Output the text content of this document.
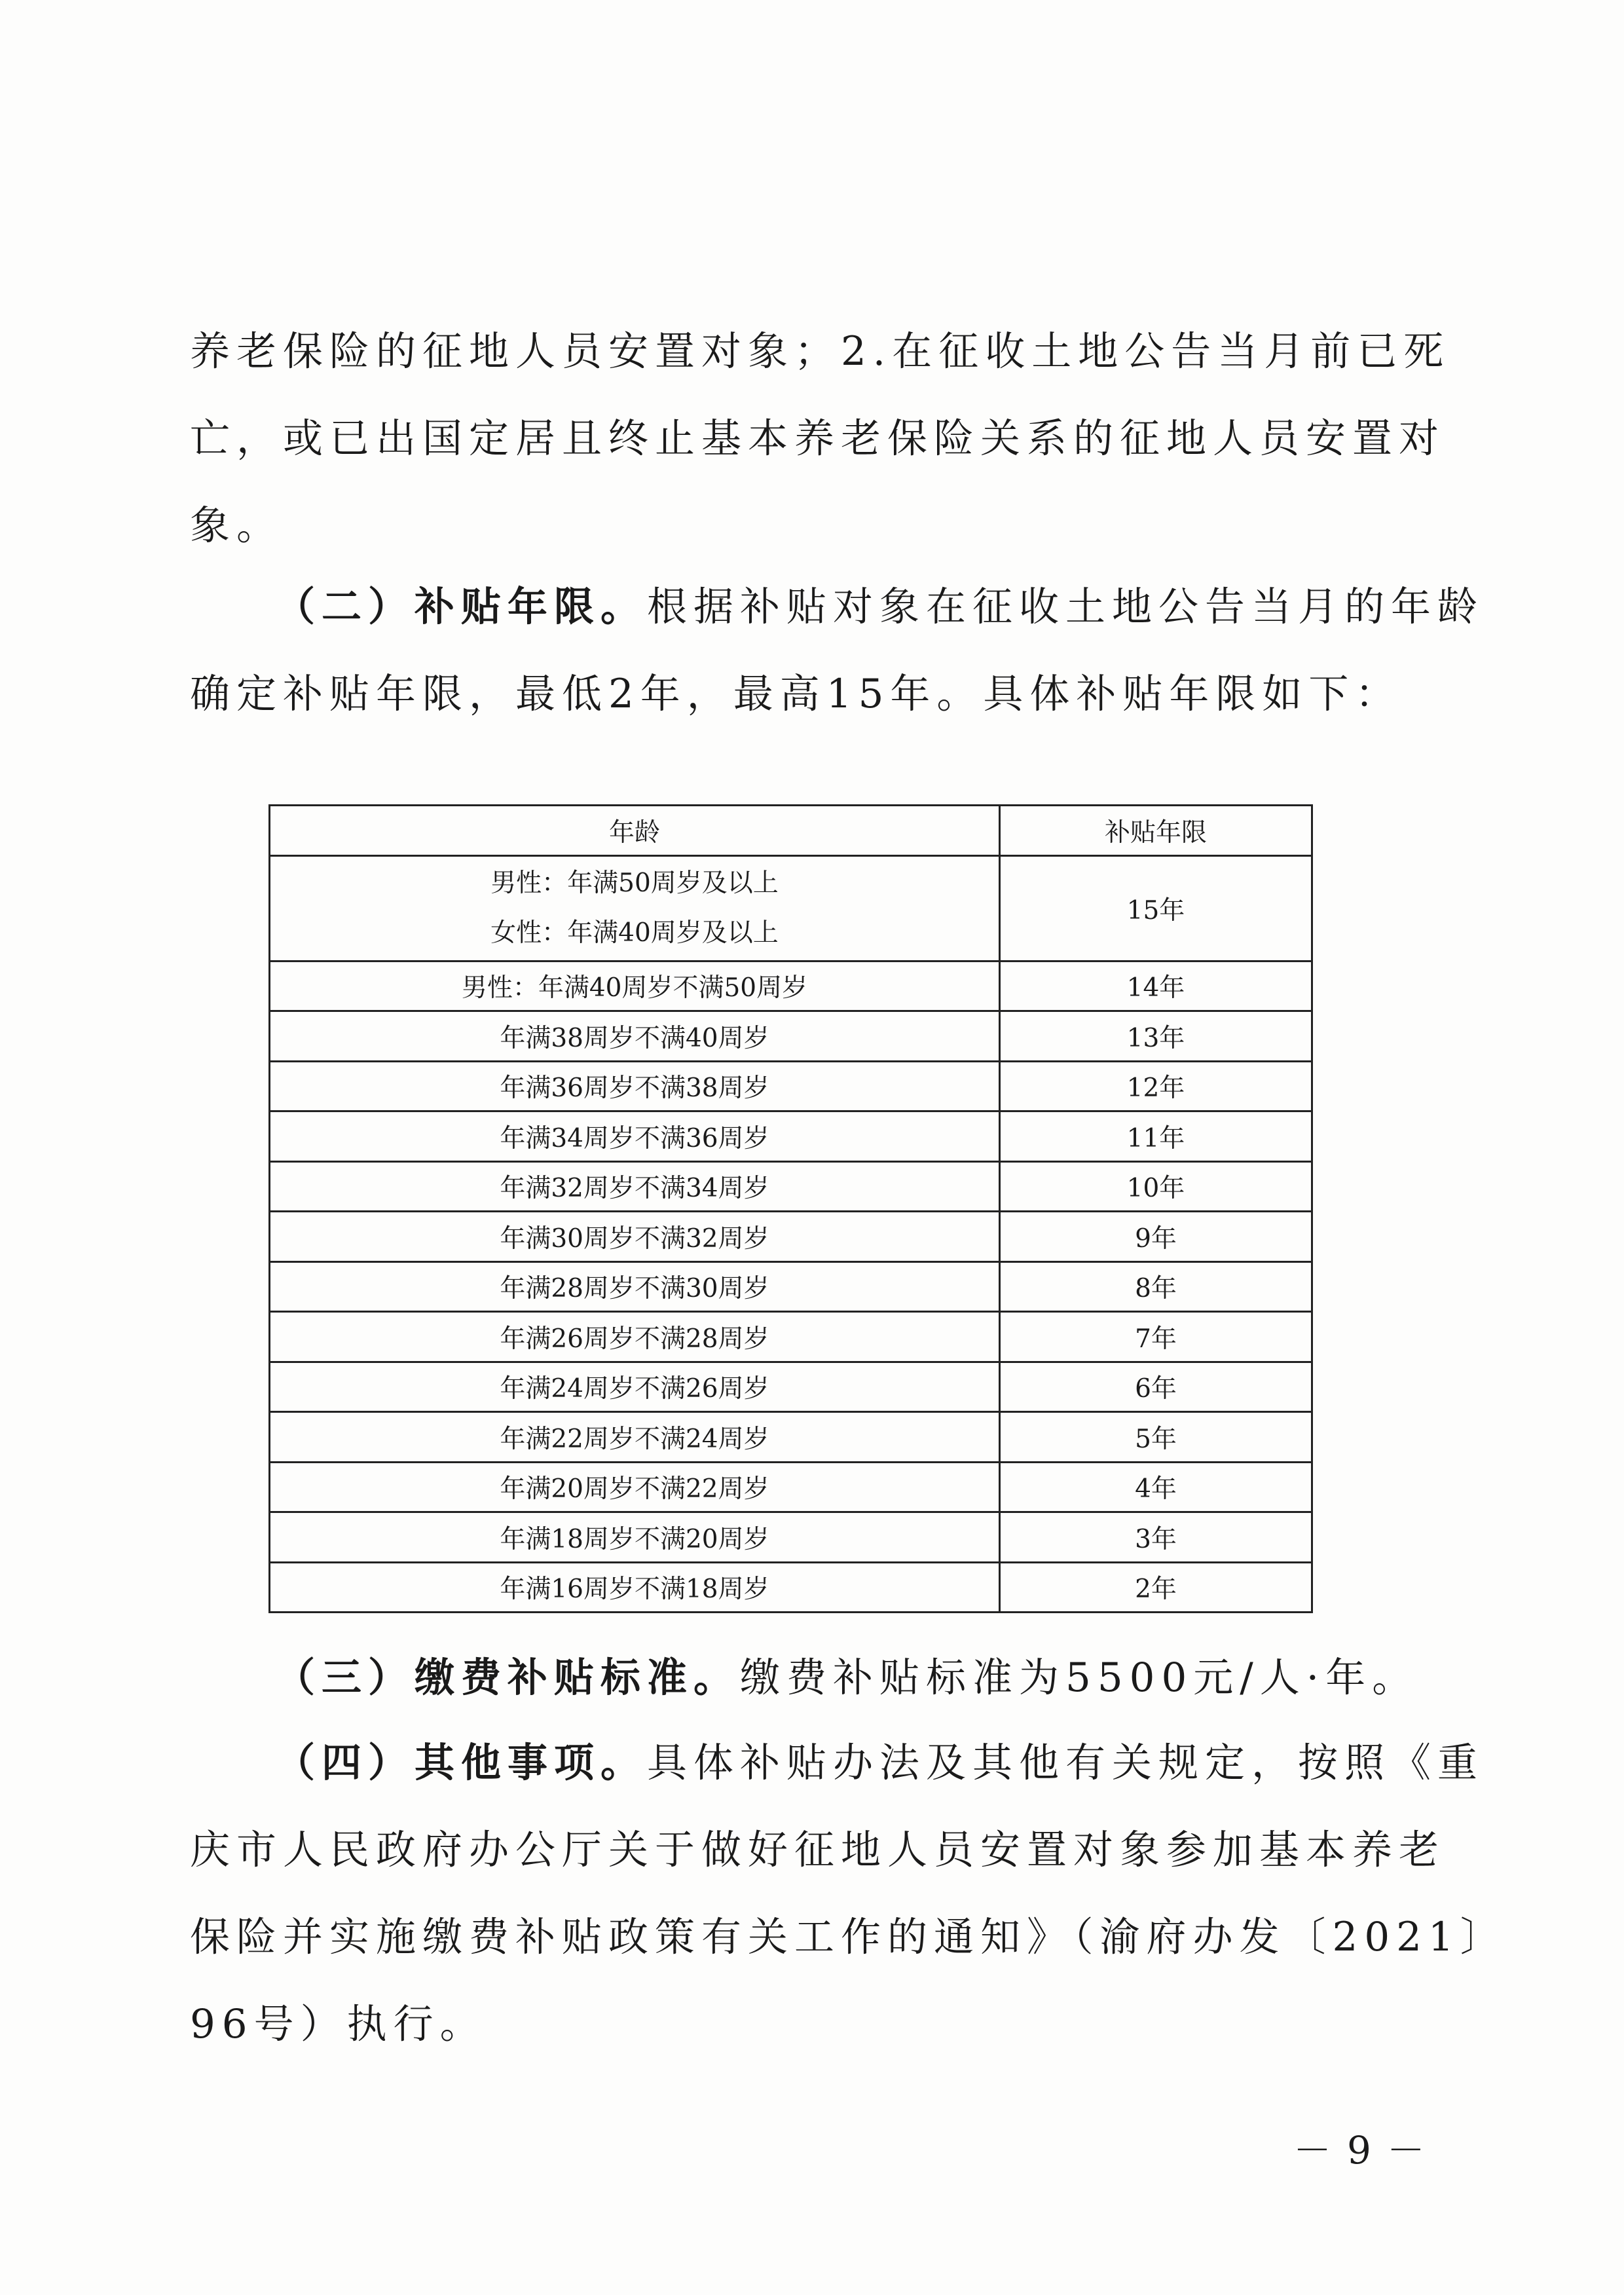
养老保险的征地人员安置对象；2.在征收土地公告当月前已死
亡，或已出国定居且终止基本养老保险关系的征地人员安置对
象。
（二）补贴年限。根据补贴对象在征收土地公告当月的年龄
确定补贴年限，最低2年，最高15年。具体补贴年限如下：
年龄	补贴年限

男性：年满50周岁及以上
女性：年满40周岁及以上	15年
男性：年满40周岁不满50周岁	14年
年满38周岁不满40周岁	13年
年满36周岁不满38周岁	12年
年满34周岁不满36周岁	11年
年满32周岁不满34周岁	10年
年满30周岁不满32周岁	9年
年满28周岁不满30周岁	8年
年满26周岁不满28周岁	7年
年满24周岁不满26周岁	6年
年满22周岁不满24周岁	5年
年满20周岁不满22周岁	4年
年满18周岁不满20周岁	3年
年满16周岁不满18周岁	2年
（三）缴费补贴标准。缴费补贴标准为5500元/人·年。
（四）其他事项。具体补贴办法及其他有关规定，按照《重
庆市人民政府办公厅关于做好征地人员安置对象参加基本养老
保险并实施缴费补贴政策有关工作的通知》（渝府办发〔2021〕
96号）执行。
－9－
